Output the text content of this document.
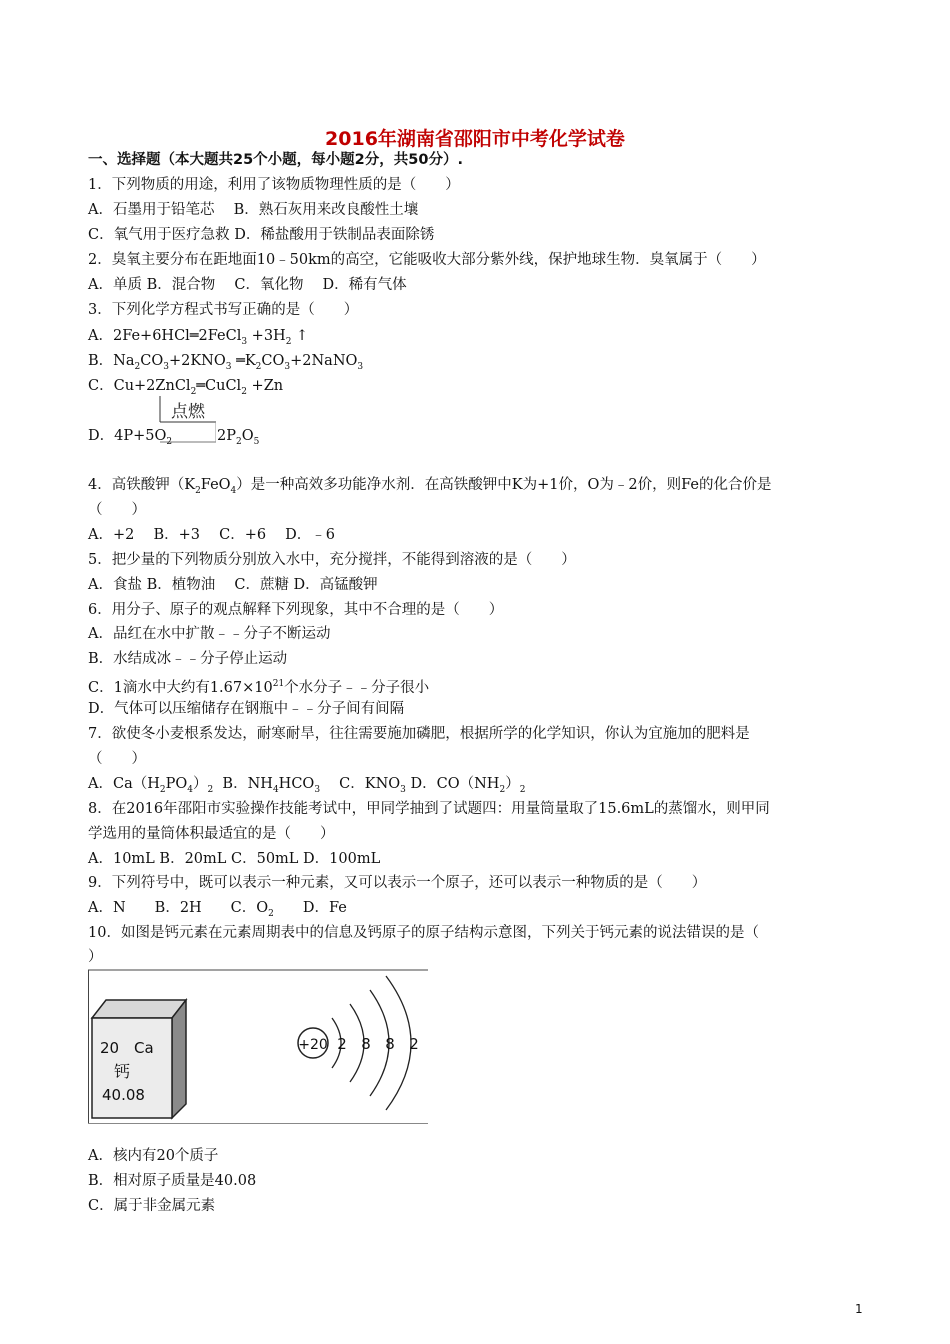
2016年湖南省邵阳市中考化学试卷
一、选择题（本大题共25个小题，每小题2分，共50分）.
1．下列物质的用途，利用了该物质物理性质的是（　　）
A．石墨用于铅笔芯　 B．熟石灰用来改良酸性土壤
C．氧气用于医疗急救 D．稀盐酸用于铁制品表面除锈
2．臭氧主要分布在距地面10﹣50km的高空，它能吸收大部分紫外线，保护地球生物．臭氧属于（　　）
A．单质 B．混合物　 C．氧化物　 D．稀有气体
3．下列化学方程式书写正确的是（　　）
A．2Fe+6HCl═2FeCl$_3$ $+3H_2$ ↑
B．$Na_2CO_3+2KNO_3$ $═K_2CO_3+2NaNO_3$
C．Cu+2ZnCl$_2$═CuCl$_2$ +Zn
点燃
D．$4P+5O_2$	$2P_2O_5$
4．高铁酸钾$(K_2FeO_4)$是一种高效多功能净水剂．在高铁酸钾中K为+1价，O为﹣2价，则Fe的化合价是
（　　）
A．+2　 B．+3　 C．+6　 D．﹣6
5．把少量的下列物质分别放入水中，充分搅拌，不能得到溶液的是（　　）
A．食盐 B．植物油　 C．蔗糖 D．高锰酸钾
6．用分子、原子的观点解释下列现象，其中不合理的是（　　）
A．品红在水中扩散﹣﹣分子不断运动
B．水结成冰﹣﹣分子停止运动
C．1滴水中大约有$1.67\times 10^{21}$个水分子﹣﹣分子很小
D．气体可以压缩储存在钢瓶中﹣﹣分子间有间隔
7．欲使冬小麦根系发达，耐寒耐旱，往往需要施加磷肥，根据所学的化学知识，你认为宜施加的肥料是
（　　）
A．$Ca(H_2PO_4)_2$  B．$NH_4HCO_3$　 C．$KNO_3$ D．$CO(NH_2)_2$
8．在2016年邵阳市实验操作技能考试中，甲同学抽到了试题四：用量筒量取了15.6mL的蒸馏水，则甲同
学选用的量筒体积最适宜的是（　　）
A．10mL B．20mL C．50mL D．100mL
9．下列符号中，既可以表示一种元素，又可以表示一个原子，还可以表示一种物质的是（　　）
A．N　　B．2H　　C．$O_2$　　D．Fe
10．如图是钙元素在元素周期表中的信息及钙原子的原子结构示意图，下列关于钙元素的说法错误的是（
）
20 Ca
钙
40.08
+20 2 8 8 2
A．核内有20个质子
B．相对原子质量是40.08
C．属于非金属元素
1
